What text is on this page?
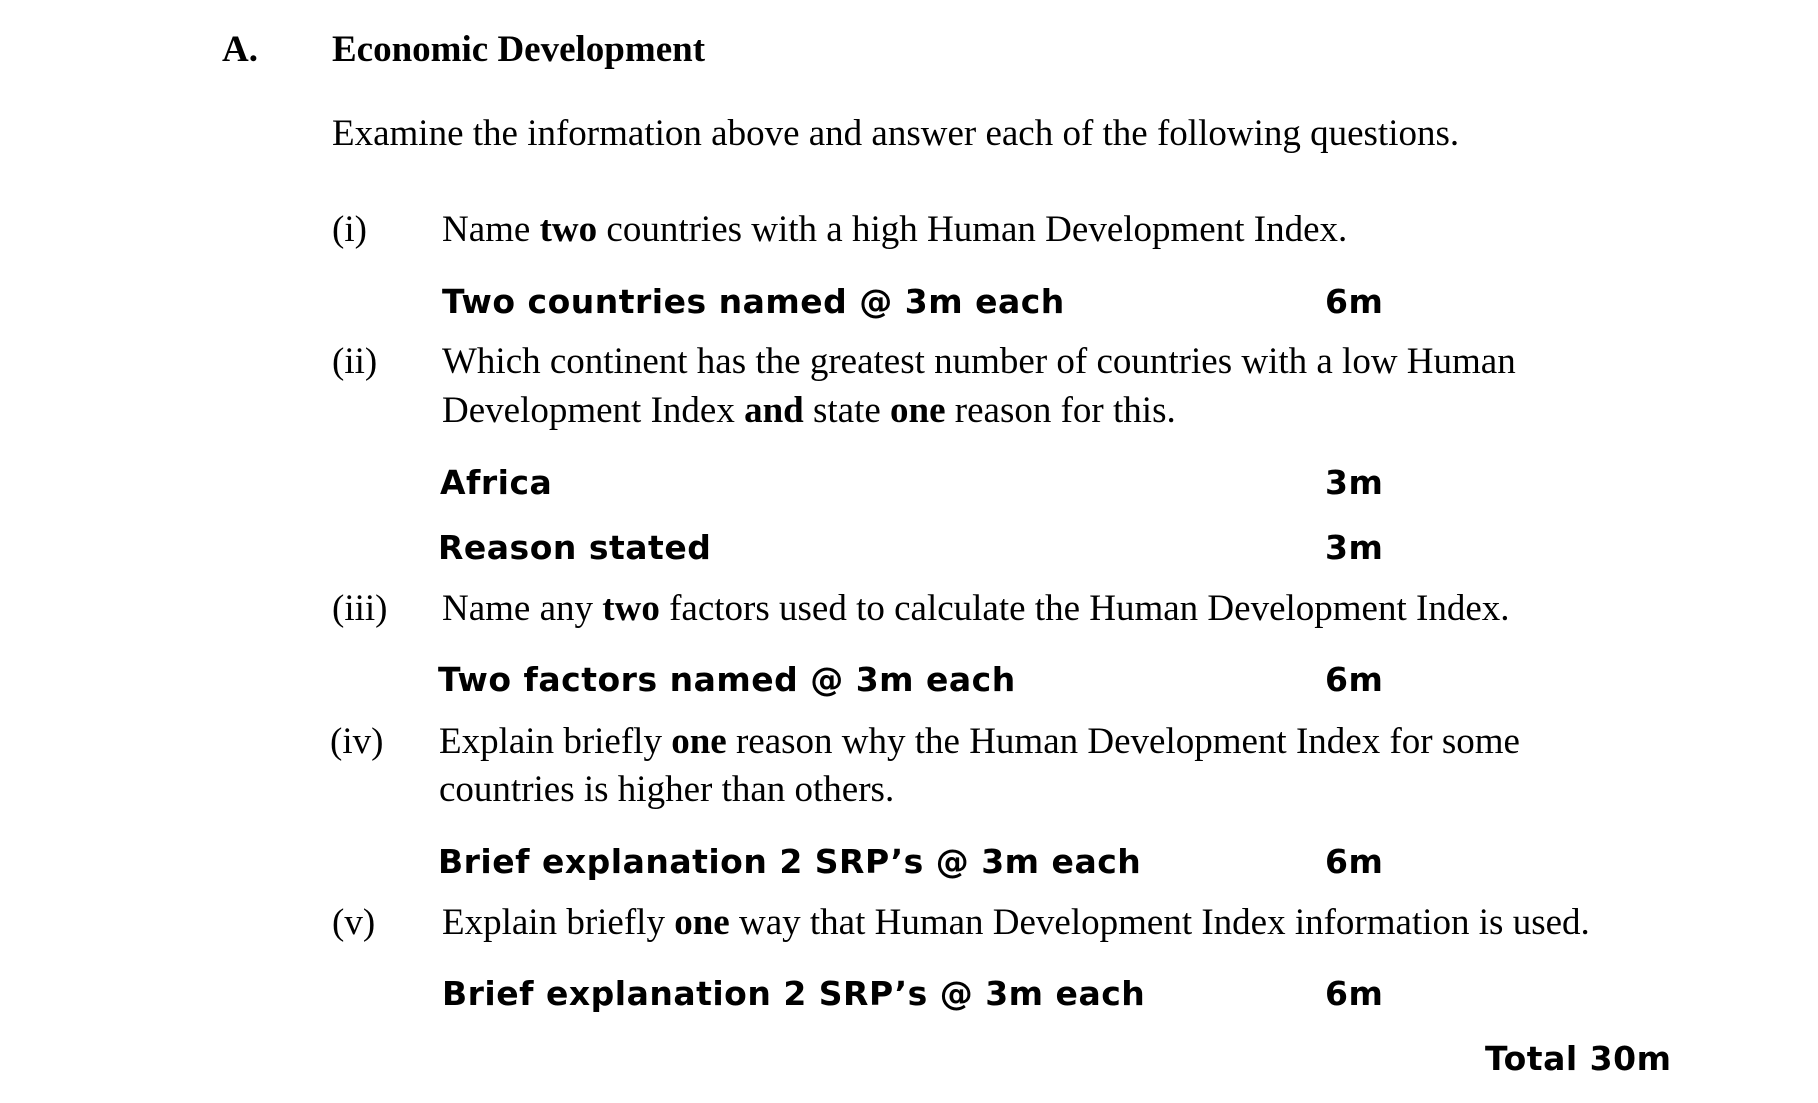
A. Economic Development
Examine the information above and answer each of the following questions.
(i) Name two countries with a high Human Development Index.
Two countries named @ 3m each	6m
(ii) Which continent has the greatest number of countries with a low Human
Development Index and state one reason for this.
Africa	3m
Reason stated	3m
(iii) Name any two factors used to calculate the Human Development Index.
Two factors named @ 3m each	6m
(iv) Explain briefly one reason why the Human Development Index for some
countries is higher than others.
Brief explanation 2 SRP’s @ 3m each	6m
(v) Explain briefly one way that Human Development Index information is used.
Brief explanation 2 SRP’s @ 3m each	6m
Total 30m
